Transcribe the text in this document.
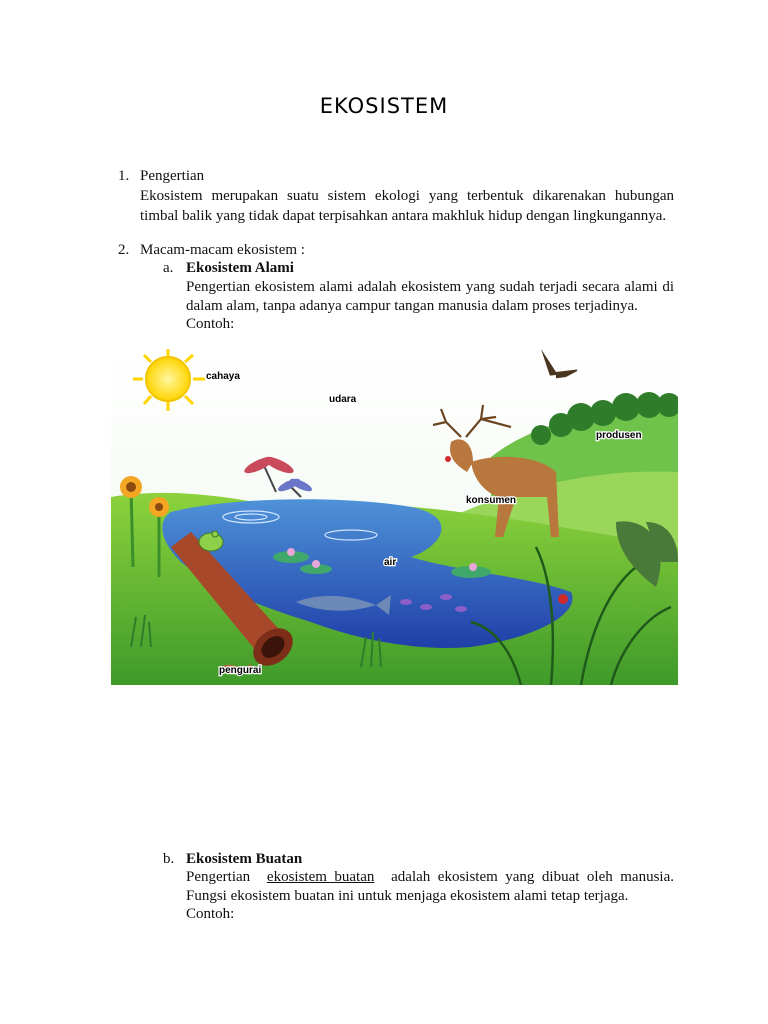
EKOSISTEM
1. Pengertian
Ekosistem merupakan suatu sistem ekologi yang terbentuk dikarenakan hubungan
timbal balik yang tidak dapat terpisahkan antara makhluk hidup dengan lingkungannya.
2. Macam-macam ekosistem :
a. Ekosistem Alami
Pengertian ekosistem alami adalah ekosistem yang sudah terjadi secara alami di
dalam alam, tanpa adanya campur tangan manusia dalam proses terjadinya.
Contoh:
cahaya
udara
produsen
konsumen
air
pengurai
b. Ekosistem Buatan
Pengertian ekosistem  buatan adalah  ekosistem  yang  dibuat  oleh  manusia.
Fungsi ekosistem buatan ini untuk menjaga ekosistem alami tetap terjaga.
Contoh:
